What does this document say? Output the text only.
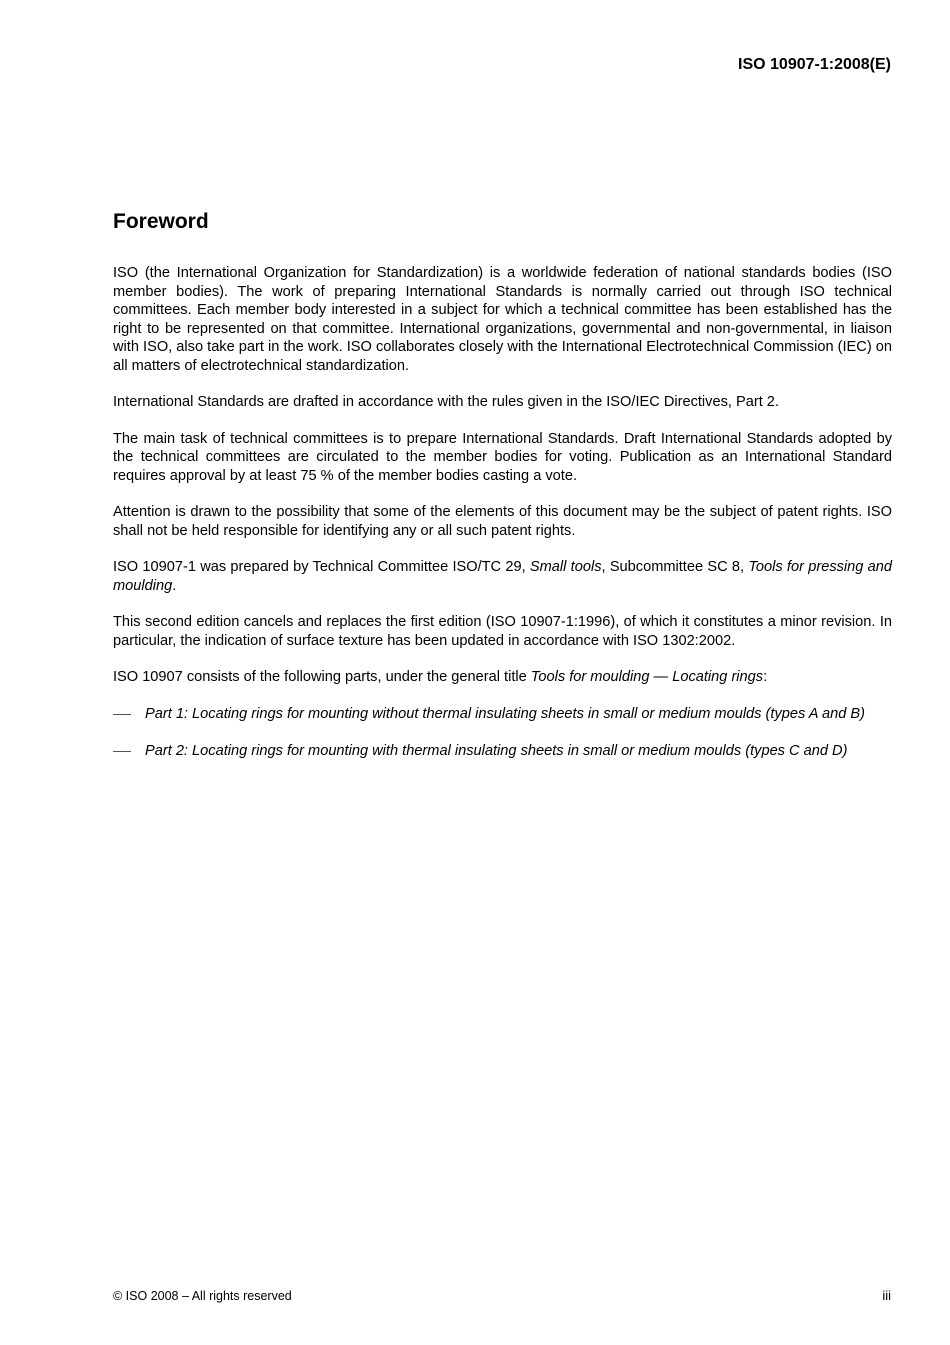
ISO 10907-1:2008(E)
Foreword

ISO (the International Organization for Standardization) is a worldwide federation of national standards bodies (ISO member bodies). The work of preparing International Standards is normally carried out through ISO technical committees. Each member body interested in a subject for which a technical committee has been established has the right to be represented on that committee. International organizations, governmental and non-governmental, in liaison with ISO, also take part in the work. ISO collaborates closely with the International Electrotechnical Commission (IEC) on all matters of electrotechnical standardization.

International Standards are drafted in accordance with the rules given in the ISO/IEC Directives, Part 2.

The main task of technical committees is to prepare International Standards. Draft International Standards adopted by the technical committees are circulated to the member bodies for voting. Publication as an International Standard requires approval by at least 75 % of the member bodies casting a vote.

Attention is drawn to the possibility that some of the elements of this document may be the subject of patent rights. ISO shall not be held responsible for identifying any or all such patent rights.

ISO 10907-1 was prepared by Technical Committee ISO/TC 29, Small tools, Subcommittee SC 8, Tools for pressing and moulding.

This second edition cancels and replaces the first edition (ISO 10907-1:1996), of which it constitutes a minor revision. In particular, the indication of surface texture has been updated in accordance with ISO 1302:2002.

ISO 10907 consists of the following parts, under the general title Tools for moulding — Locating rings:

Part 1: Locating rings for mounting without thermal insulating sheets in small or medium moulds (types A and B)
Part 2: Locating rings for mounting with thermal insulating sheets in small or medium moulds (types C and D)
© ISO 2008 – All rights reserved	iii
